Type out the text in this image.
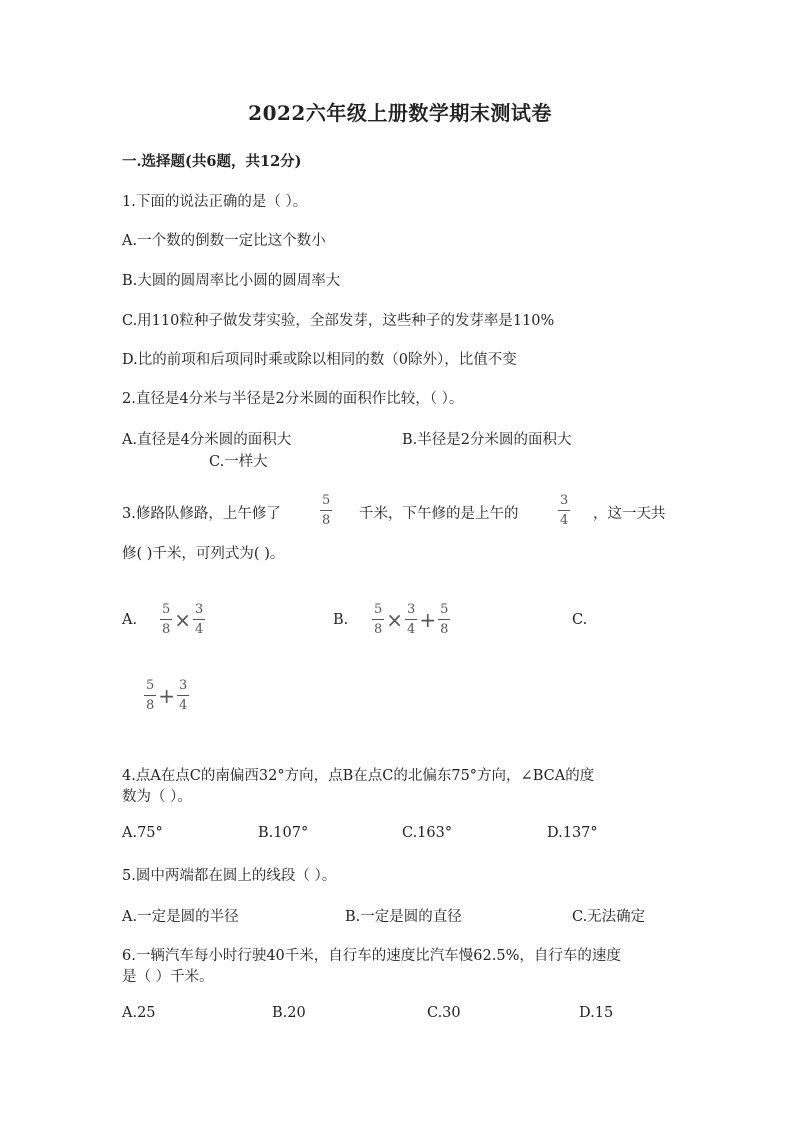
2022六年级上册数学期末测试卷
一.选择题(共6题，共12分)
1.下面的说法正确的是（ ）。
A.一个数的倒数一定比这个数小
B.大圆的圆周率比小圆的圆周率大
C.用110粒种子做发芽实验，全部发芽，这些种子的发芽率是110%
D.比的前项和后项同时乘或除以相同的数（0除外），比值不变
2.直径是4分米与半径是2分米圆的面积作比较，（ ）。
A.直径是4分米圆的面积大	B.半径是2分米圆的面积大
C.一样大
3.修路队修路，上午修了	$\frac{5}{8}$ 千米，下午修的是上午的	$\frac{3}{4}$ ，这一天共
修( )千米，可列式为( )。
A. $\frac{5}{8} \times \frac{3}{4}$	B. $\frac{5}{8} \times \frac{3}{4} + \frac{5}{8}$	C.
$\frac{5}{8} + \frac{3}{4}$
4.点A在点C的南偏西32°方向，点B在点C的北偏东75°方向，∠BCA的度
数为（ ）。
A.75°	B.107°	C.163°	D.137°
5.圆中两端都在圆上的线段（ ）。
A.一定是圆的半径	B.一定是圆的直径	C.无法确定
6.一辆汽车每小时行驶40千米，自行车的速度比汽车慢62.5%，自行车的速度
是（ ）千米。
A.25	B.20	C.30	D.15
